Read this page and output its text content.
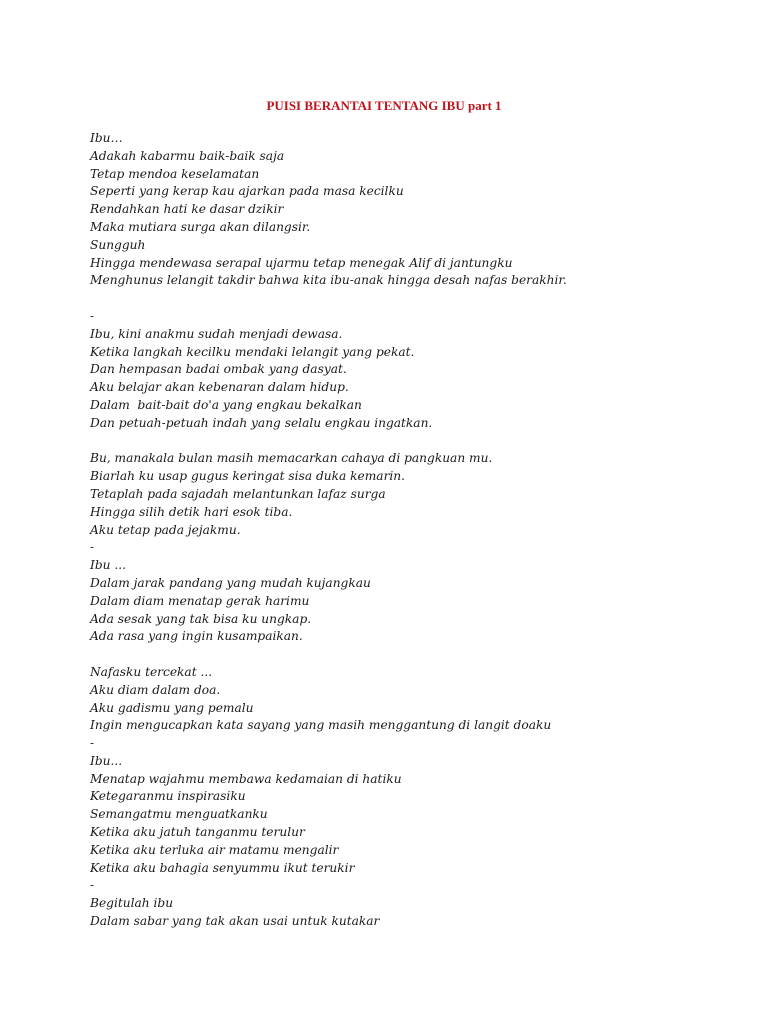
PUISI BERANTAI TENTANG IBU part 1
Ibu…
Adakah kabarmu baik-baik saja
Tetap mendoa keselamatan
Seperti yang kerap kau ajarkan pada masa kecilku
Rendahkan hati ke dasar dzikir
Maka mutiara surga akan dilangsir.
Sungguh
Hingga mendewasa serapal ujarmu tetap menegak Alif di jantungku
Menghunus lelangit takdir bahwa kita ibu-anak hingga desah nafas berakhir.
-
Ibu, kini anakmu sudah menjadi dewasa.
Ketika langkah kecilku mendaki lelangit yang pekat.
Dan hempasan badai ombak yang dasyat.
Aku belajar akan kebenaran dalam hidup.
Dalam  bait-bait do'a yang engkau bekalkan
Dan petuah-petuah indah yang selalu engkau ingatkan.
Bu, manakala bulan masih memacarkan cahaya di pangkuan mu.
Biarlah ku usap gugus keringat sisa duka kemarin.
Tetaplah pada sajadah melantunkan lafaz surga
Hingga silih detik hari esok tiba.
Aku tetap pada jejakmu.
-
Ibu ...
Dalam jarak pandang yang mudah kujangkau
Dalam diam menatap gerak harimu
Ada sesak yang tak bisa ku ungkap.
Ada rasa yang ingin kusampaikan.
Nafasku tercekat ...
Aku diam dalam doa.
Aku gadismu yang pemalu
Ingin mengucapkan kata sayang yang masih menggantung di langit doaku
-
Ibu...
Menatap wajahmu membawa kedamaian di hatiku
Ketegaranmu inspirasiku
Semangatmu menguatkanku
Ketika aku jatuh tanganmu terulur
Ketika aku terluka air matamu mengalir
Ketika aku bahagia senyummu ikut terukir
-
Begitulah ibu
Dalam sabar yang tak akan usai untuk kutakar
